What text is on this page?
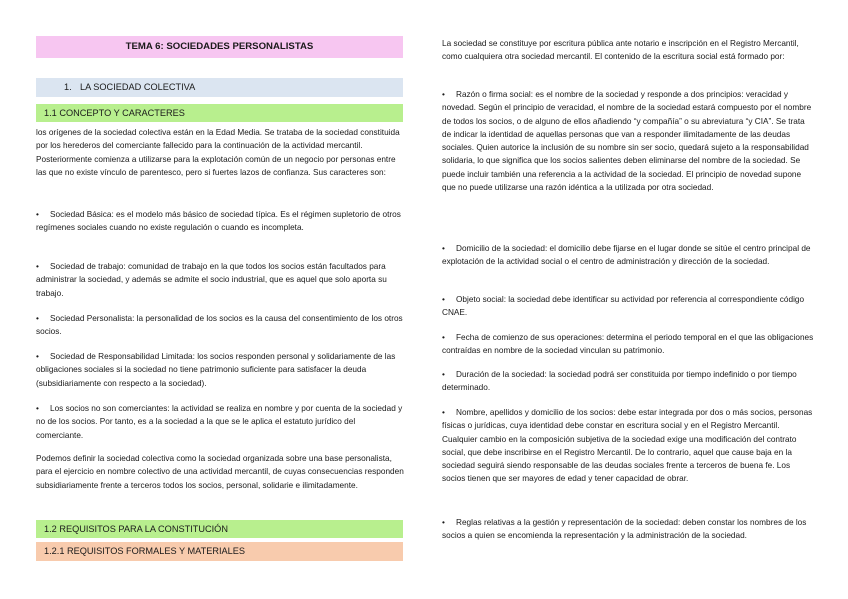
TEMA 6: SOCIEDADES PERSONALISTAS
1. LA SOCIEDAD COLECTIVA
1.1 CONCEPTO Y CARACTERES

los orígenes de la sociedad colectiva están en la Edad Media. Se trataba de la sociedad constituida por los herederos del comerciante fallecido para la continuación de la actividad mercantil. Posteriormente comienza a utilizarse para la explotación común de un negocio por personas entre las que no existe vínculo de parentesco, pero si fuertes lazos de confianza. Sus caracteres son:

• Sociedad Básica: es el modelo más básico de sociedad típica. Es el régimen supletorio de otros regímenes sociales cuando no existe regulación o cuando es incompleta.

• Sociedad de trabajo: comunidad de trabajo en la que todos los socios están facultados para administrar la sociedad, y además se admite el socio industrial, que es aquel que solo aporta su trabajo.

• Sociedad Personalista: la personalidad de los socios es la causa del consentimiento de los otros socios.

• Sociedad de Responsabilidad Limitada: los socios responden personal y solidariamente de las obligaciones sociales si la sociedad no tiene patrimonio suficiente para satisfacer la deuda (subsidiariamente con respecto a la sociedad).

• Los socios no son comerciantes: la actividad se realiza en nombre y por cuenta de la sociedad y no de los socios. Por tanto, es a la sociedad a la que se le aplica el estatuto jurídico del comerciante.

Podemos definir la sociedad colectiva como la sociedad organizada sobre una base personalista, para el ejercicio en nombre colectivo de una actividad mercantil, de cuyas consecuencias responden subsidiariamente frente a terceros todos los socios, personal, solidarie e ilimitadamente.

1.2 REQUISITOS PARA LA CONSTITUCIÓN
1.2.1 REQUISITOS FORMALES Y MATERIALES

La sociedad se constituye por escritura pública ante notario e inscripción en el Registro Mercantil, como cualquiera otra sociedad mercantil. El contenido de la escritura social está formado por:

• Razón o firma social: es el nombre de la sociedad y responde a dos principios: veracidad y novedad. Según el principio de veracidad, el nombre de la sociedad estará compuesto por el nombre de todos los socios, o de alguno de ellos añadiendo “y compañía” o su abreviatura “y CIA”. Se trata de indicar la identidad de aquellas personas que van a responder ilimitadamente de las deudas sociales. Quien autorice la inclusión de su nombre sin ser socio, quedará sujeto a la responsabilidad solidaria, lo que significa que los socios salientes deben eliminarse del nombre de la sociedad. Se puede incluir también una referencia a la actividad de la sociedad. El principio de novedad supone que no puede utilizarse una razón idéntica a la utilizada por otra sociedad.

• Domicilio de la sociedad: el domicilio debe fijarse en el lugar donde se sitúe el centro principal de explotación de la actividad social o el centro de administración y dirección de la sociedad.

• Objeto social: la sociedad debe identificar su actividad por referencia al correspondiente código CNAE.

• Fecha de comienzo de sus operaciones: determina el periodo temporal en el que las obligaciones contraídas en nombre de la sociedad vinculan su patrimonio.

• Duración de la sociedad: la sociedad podrá ser constituida por tiempo indefinido o por tiempo determinado.

• Nombre, apellidos y domicilio de los socios: debe estar integrada por dos o más socios, personas físicas o jurídicas, cuya identidad debe constar en escritura social y en el Registro Mercantil. Cualquier cambio en la composición subjetiva de la sociedad exige una modificación del contrato social, que debe inscribirse en el Registro Mercantil. De lo contrario, aquel que cause baja en la sociedad seguirá siendo responsable de las deudas sociales frente a terceros de buena fe. Los socios tienen que ser mayores de edad y tener capacidad de obrar.

• Reglas relativas a la gestión y representación de la sociedad: deben constar los nombres de los socios a quien se encomienda la representación y la administración de la sociedad.
